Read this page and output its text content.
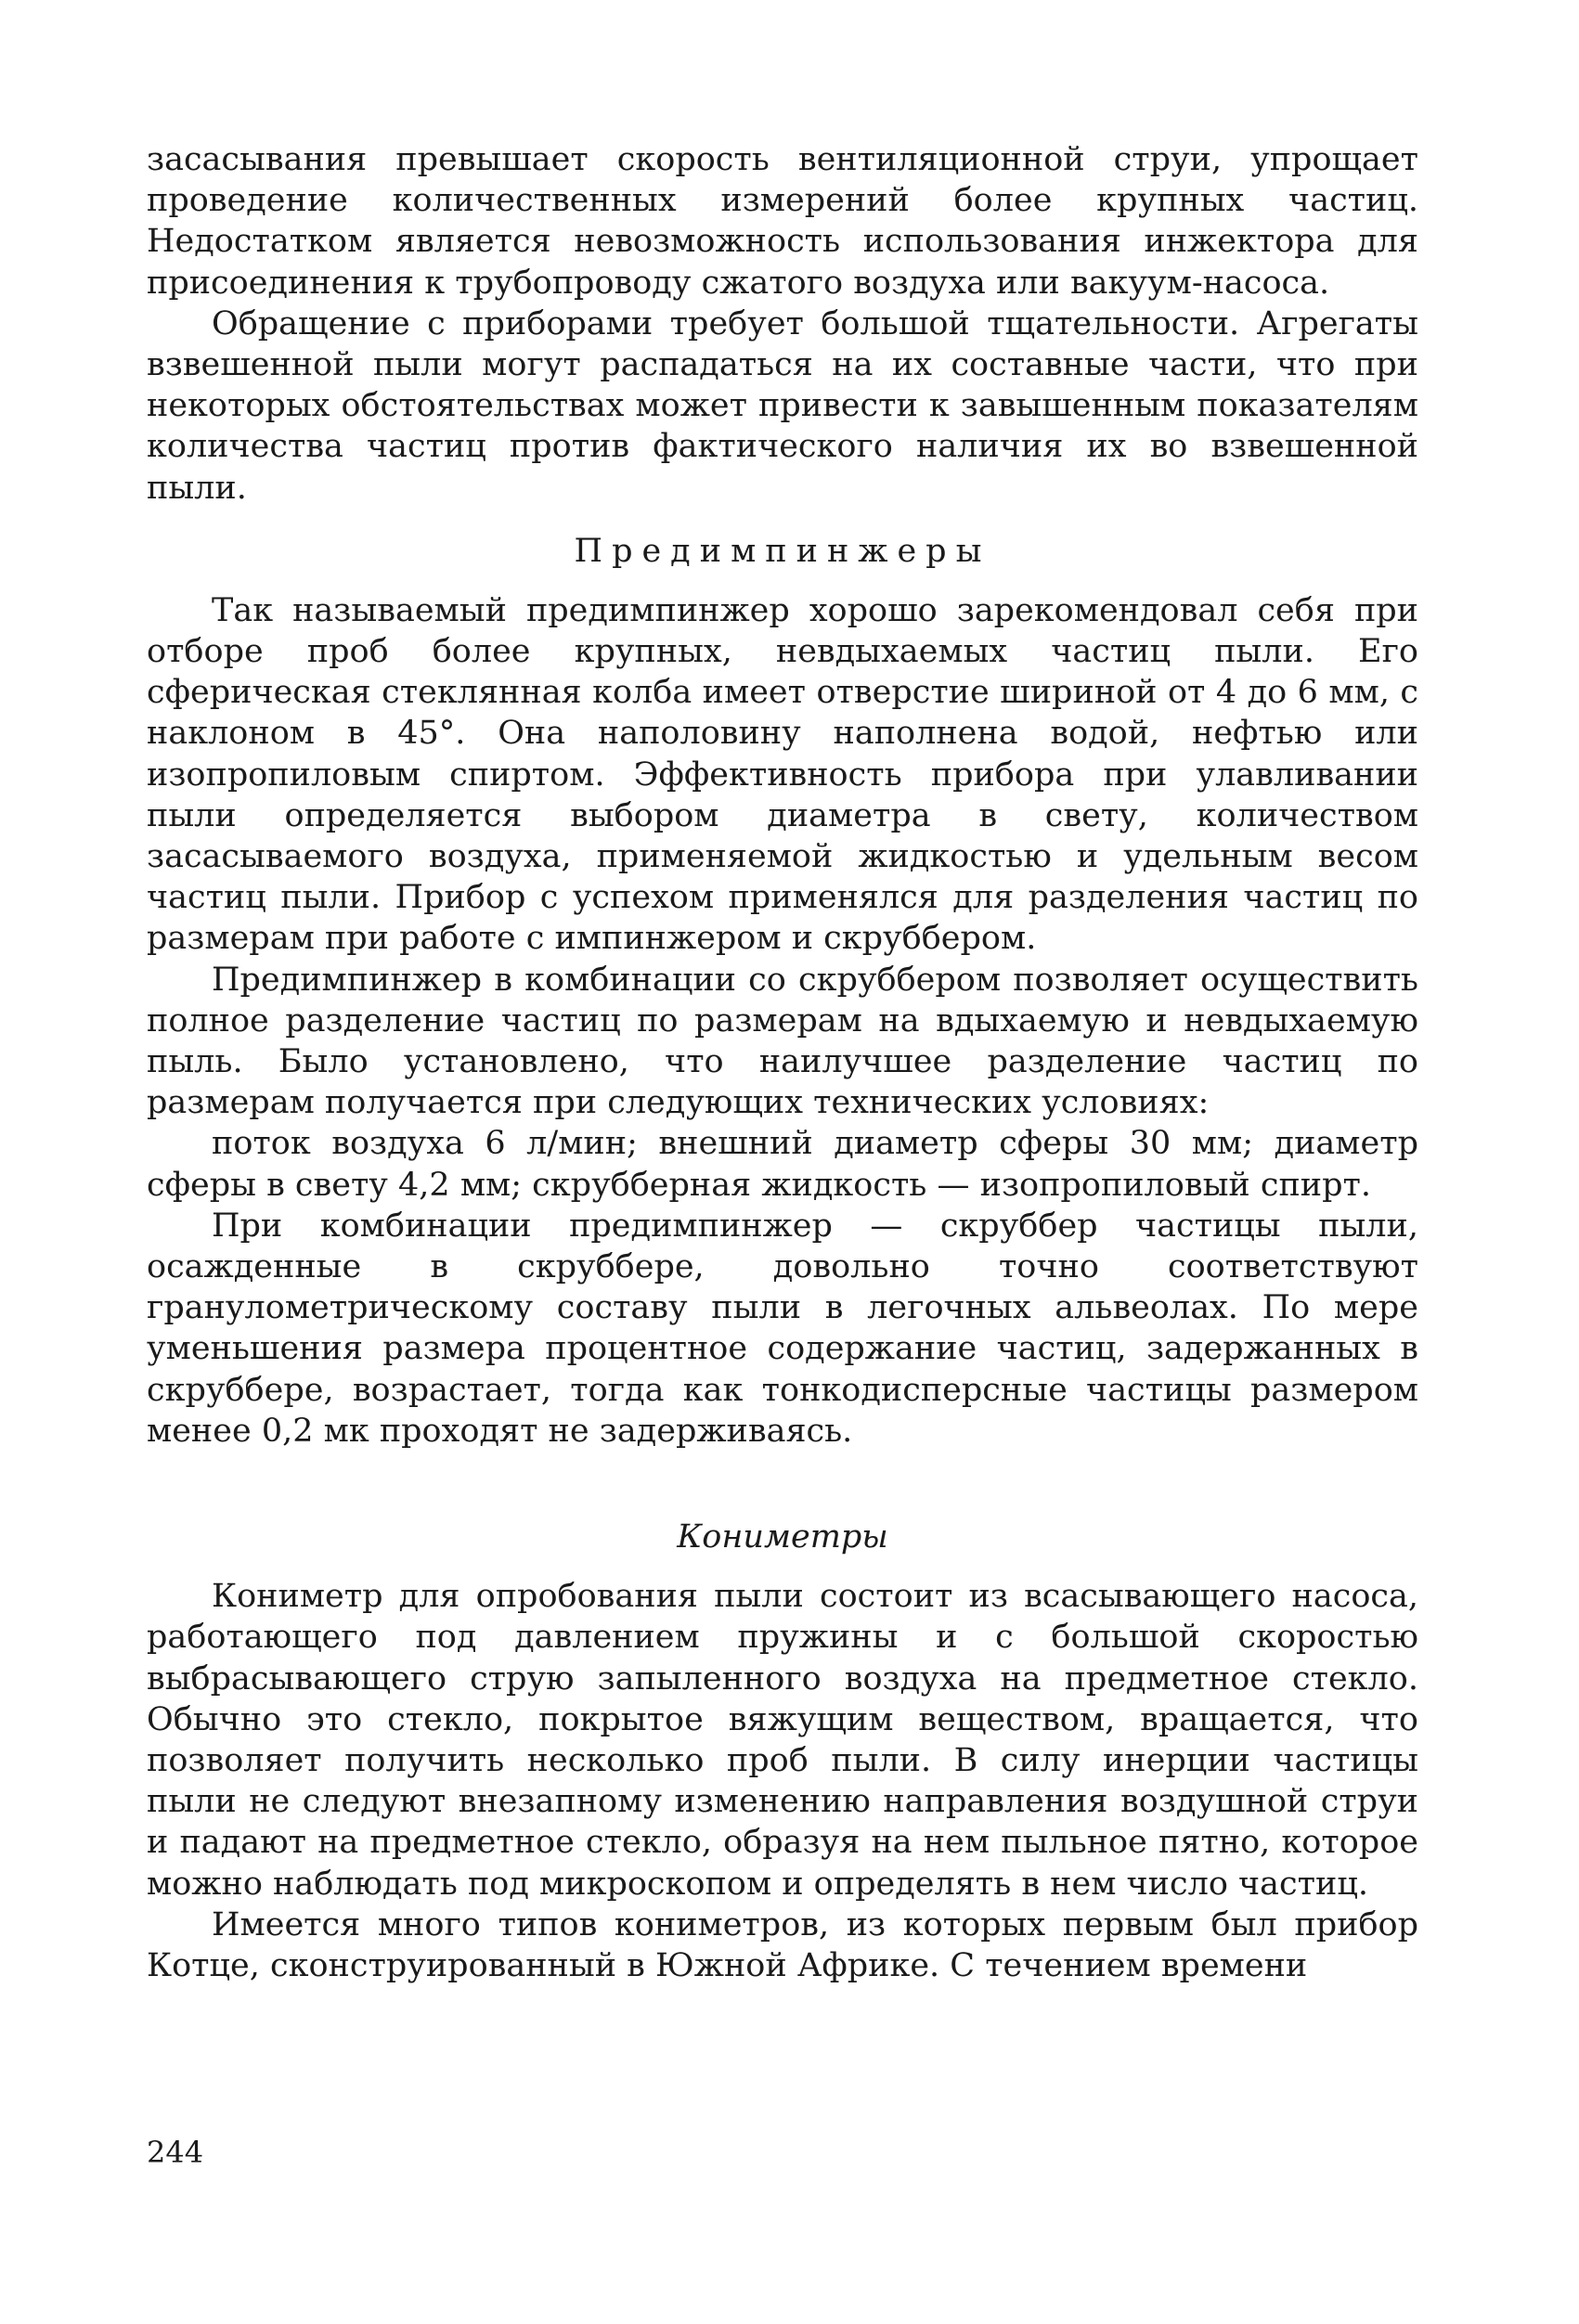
засасывания превышает скорость вентиляционной струи, упрощает проведение количественных измерений более крупных частиц. Недостатком является невозможность использования инжектора для присоединения к трубопроводу сжатого воздуха или вакуум-насоса.

Обращение с приборами требует большой тщательности. Агрегаты взвешенной пыли могут распадаться на их составные части, что при некоторых обстоятельствах может привести к завышенным показателям количества частиц против фактического наличия их во взвешенной пыли.

Предимпинжеры

Так называемый предимпинжер хорошо зарекомендовал себя при отборе проб более крупных, невдыхаемых частиц пыли. Его сферическая стеклянная колба имеет отверстие шириной от 4 до 6 мм, с наклоном в 45°. Она наполовину наполнена водой, нефтью или изопропиловым спиртом. Эффективность прибора при улавливании пыли определяется выбором диаметра в свету, количеством засасываемого воздуха, применяемой жидкостью и удельным весом частиц пыли. Прибор с успехом применялся для разделения частиц по размерам при работе с импинжером и скруббером.

Предимпинжер в комбинации со скруббером позволяет осуществить полное разделение частиц по размерам на вдыхаемую и невдыхаемую пыль. Было установлено, что наилучшее разделение частиц по размерам получается при следующих технических условиях:

поток воздуха 6 л/мин; внешний диаметр сферы 30 мм; диаметр сферы в свету 4,2 мм; скрубберная жидкость — изопропиловый спирт.

При комбинации предимпинжер — скруббер частицы пыли, осажденные в скруббере, довольно точно соответствуют гранулометрическому составу пыли в легочных альвеолах. По мере уменьшения размера процентное содержание частиц, задержанных в скруббере, возрастает, тогда как тонкодисперсные частицы размером менее 0,2 мк проходят не задерживаясь.

Кониметры

Кониметр для опробования пыли состоит из всасывающего насоса, работающего под давлением пружины и с большой скоростью выбрасывающего струю запыленного воздуха на предметное стекло. Обычно это стекло, покрытое вяжущим веществом, вращается, что позволяет получить несколько проб пыли. В силу инерции частицы пыли не следуют внезапному изменению направления воздушной струи и падают на предметное стекло, образуя на нем пыльное пятно, которое можно наблюдать под микроскопом и определять в нем число частиц.

Имеется много типов кониметров, из которых первым был прибор Котце, сконструированный в Южной Африке. С течением времени

244
